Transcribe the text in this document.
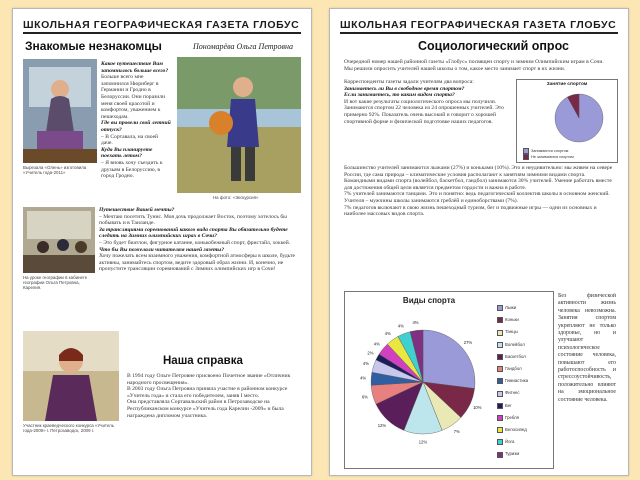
ШКОЛЬНАЯ ГЕОГРАФИЧЕСКАЯ ГАЗЕТА ГЛОБУС
Знакомые незнакомцы	Пономарёва Ольга Петровна
Вырезала «Олень» изготовила «Учитель года-2011»

Какое путешествие Вам запомнилось больше всего?

Больше всего мне запомнился Нюрнберг в Германии и Гродно в Белоруссии. Они поразили меня своей красотой и комфортом, уважением к пешеходам.

Где вы провели свой летний отпуск?

– В Сортавала, на своей даче.

Куда Вы планируете поехать летом?

– Я вновь хочу съездить к друзьям в Белоруссию, в город Гродно.

На фото: «Экскурсия»
На уроке географии в кабинете географии Ольга Петровна, Карелия.

Путешествие Вашей мечты?

– Мечтаю посетить Тунис. Моя дочь продолжает Восток, поэтому хотелось бы побывать и в Таиланде.

За трансляциями соревнований какого вида спорта Вы обязательно будете следить на Зимних олимпийских играх в Сочи?

– Это будет биатлон, фигурное катание, конькобежный спорт, фристайл, хоккей.

Что бы Вы пожелали читателям нашей газеты?

Хочу пожелать всем взаимного уважения, комфортной атмосферы в школе, будьте активны, занимайтесь спортом, ведите здоровый образ жизни. И, конечно, не пропустите трансляции соревнований с Зимних олимпийских игр в Сочи!

Участник краеведческого конкурса «Учитель года-2009» г. Петрозаводск, 2009 г.
Наша справка

В 1994 году Ольге Петровне присвоено Почетное звание «Отличник народного просвещения».

В 2003 году Ольга Петровна приняла участие в районном конкурсе «Учитель года» и стала его победителем, заняв I место.

Она представляла Сортавальский район в Петрозаводске на Республиканском конкурсе «Учитель года Карелии -2009» и была награждена дипломом участника.

ШКОЛЬНАЯ ГЕОГРАФИЧЕСКАЯ ГАЗЕТА ГЛОБУС
Социологический опрос

Очередной номер нашей районной газеты «Глобус» посвящен спорту и зимним Олимпийским играм в Сочи.

Мы решили опросить учителей нашей школы о том, какое место занимает спорт в их жизни.

Корреспонденты газеты задали учителям два вопроса:

Занимаетесь ли Вы в свободное время спортом?

Если занимаетесь, то каким видом спорта?

И вот какие результаты социологического опроса мы получили.

Занимаются спортом 22 человека из 24 опрошенных учителей. Это примерно 92%. Показатель очень высокий и говорит о хорошей спортивной форме и физической подготовке наших педагогов.

Занятие спортом
Занимаются спортом
Не занимаются спортом

Большинство учителей занимаются лыжами (27%) и коньками (10%). Это и неудивительно: мы живем на севере России, где сама природа – климатические условия располагают к занятиям зимними видами спорта.

Командными видами спорта (волейбол, баскетбол, гандбол) занимаются 30% учителей. Умение работать вместе для достижения общей цели является предметом гордости и важна в работе.

7% учителей занимаются танцами. Это и понятно: ведь педагогический коллектив школы в основном женский.

Учителя – мужчины школы занимаются греблёй и единоборствами (7%).

7% педагогов включают в свою жизнь пешеходный туризм, бег и подвижные игры — одни из основных и наиболее массовых видов спорта.

Виды спорта
27%
10%
7%
12%
12%
6%
4%
4%
2%
4%
4%
4%
4%
Лыжи
Коньки
Танцы
Волейбол
Баскетбол
Гандбол
Гимнастика
Фитнес
Бег
Гребля
Велосипед
Йога
Туризм
Без физической активности жизнь человека невозможна. Занятия спортом укрепляют не только здоровье, но и улучшают психологическое состояние человека, повышают его работоспособность и стрессоустойчивость, положительно влияют на эмоциональное состояние человека.
